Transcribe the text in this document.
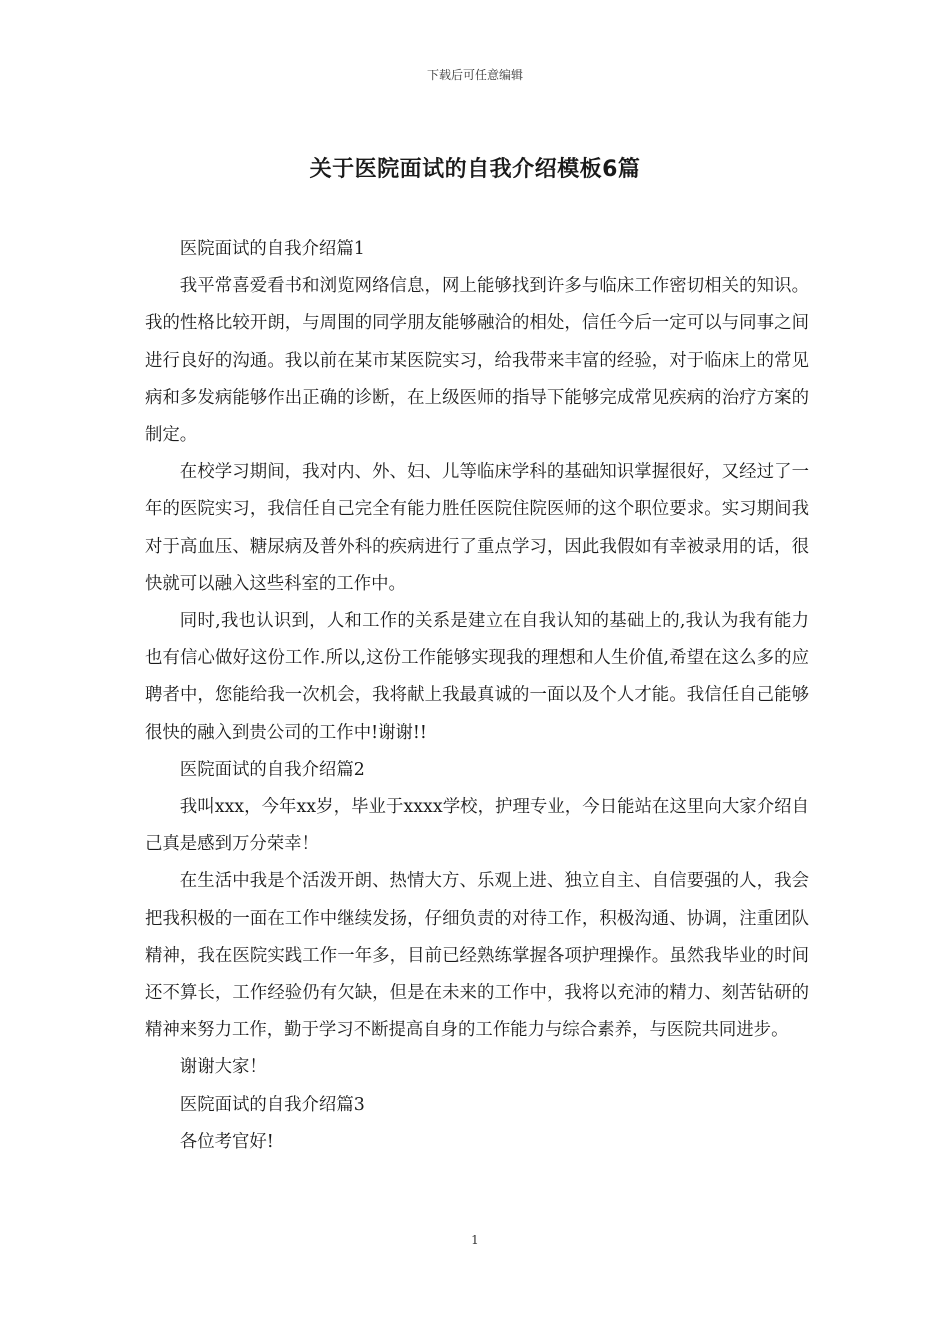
下载后可任意编辑
关于医院面试的自我介绍模板6篇

医院面试的自我介绍篇1

我平常喜爱看书和浏览网络信息，网上能够找到许多与临床工作密切相关的知识。我的性格比较开朗，与周围的同学朋友能够融洽的相处，信任今后一定可以与同事之间进行良好的沟通。我以前在某市某医院实习，给我带来丰富的经验，对于临床上的常见病和多发病能够作出正确的诊断，在上级医师的指导下能够完成常见疾病的治疗方案的制定。

在校学习期间，我对内、外、妇、儿等临床学科的基础知识掌握很好，又经过了一年的医院实习，我信任自己完全有能力胜任医院住院医师的这个职位要求。实习期间我对于高血压、糖尿病及普外科的疾病进行了重点学习，因此我假如有幸被录用的话，很快就可以融入这些科室的工作中。

同时,我也认识到，人和工作的关系是建立在自我认知的基础上的,我认为我有能力也有信心做好这份工作.所以,这份工作能够实现我的理想和人生价值,希望在这么多的应聘者中，您能给我一次机会，我将献上我最真诚的一面以及个人才能。我信任自己能够很快的融入到贵公司的工作中!谢谢!!

医院面试的自我介绍篇2

我叫xxx，今年xx岁，毕业于xxxx学校，护理专业，今日能站在这里向大家介绍自己真是感到万分荣幸！

在生活中我是个活泼开朗、热情大方、乐观上进、独立自主、自信要强的人，我会把我积极的一面在工作中继续发扬，仔细负责的对待工作，积极沟通、协调，注重团队精神，我在医院实践工作一年多，目前已经熟练掌握各项护理操作。虽然我毕业的时间还不算长，工作经验仍有欠缺，但是在未来的工作中，我将以充沛的精力、刻苦钻研的精神来努力工作，勤于学习不断提高自身的工作能力与综合素养，与医院共同进步。

谢谢大家！

医院面试的自我介绍篇3

各位考官好!

1
